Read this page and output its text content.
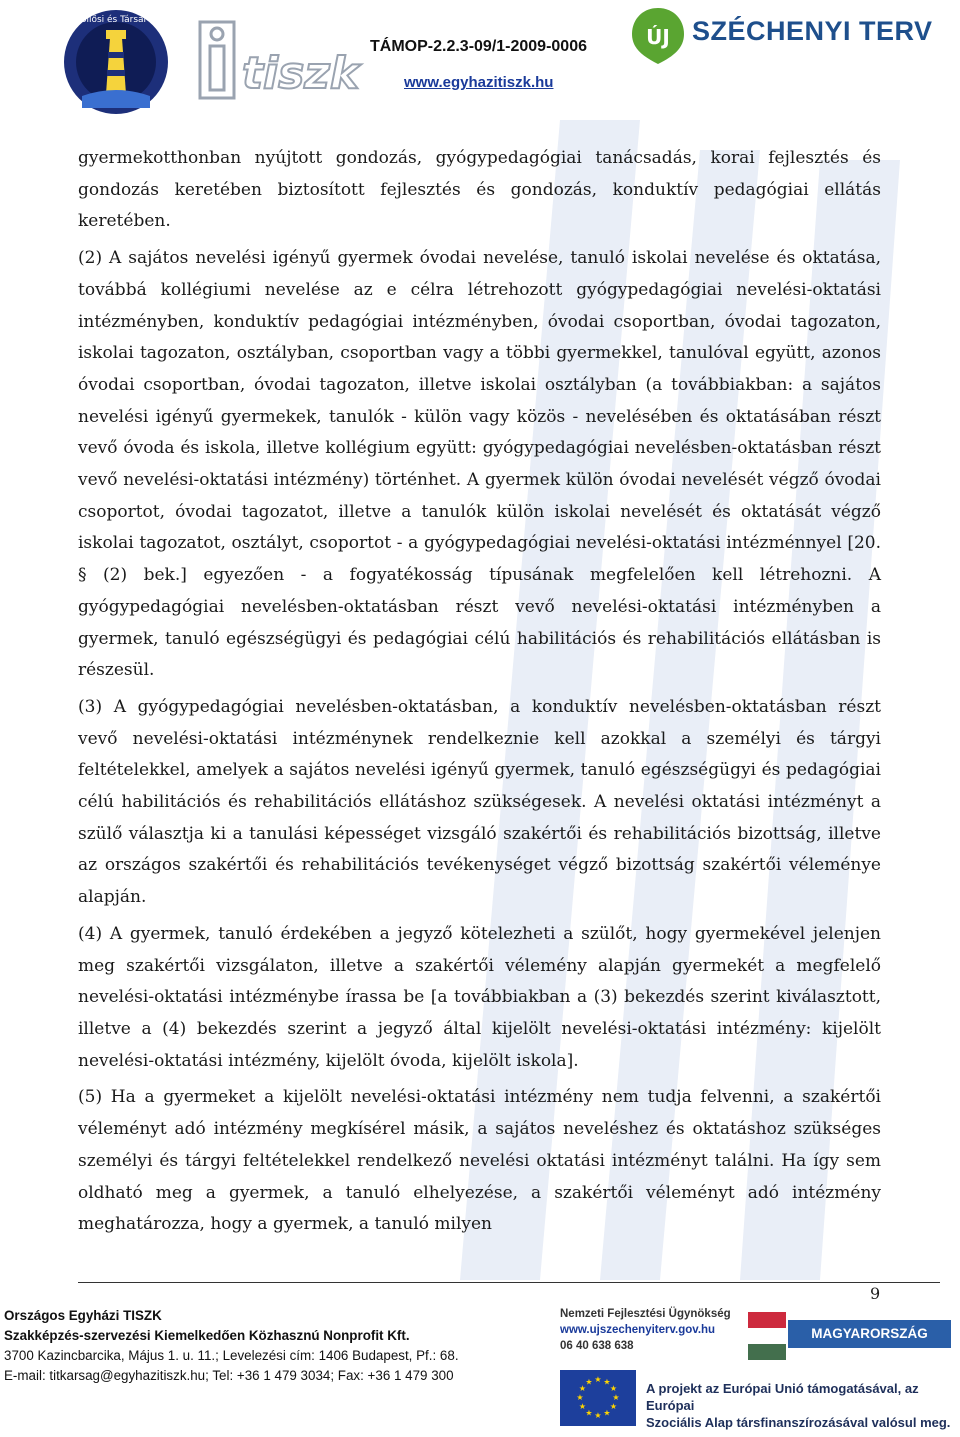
Szőllősi és Társai Bt.
tiszk
TÁMOP-2.2.3-09/1-2009-0006
www.egyhazitiszk.hu
ÚJ SZÉCHENYI TERV

gyermekotthonban nyújtott gondozás, gyógypedagógiai tanácsadás, korai fejlesztés és gondozás keretében biztosított fejlesztés és gondozás, konduktív pedagógiai ellátás keretében.

(2) A sajátos nevelési igényű gyermek óvodai nevelése, tanuló iskolai nevelése és oktatása, továbbá kollégiumi nevelése az e célra létrehozott gyógypedagógiai nevelési-oktatási intézményben, konduktív pedagógiai intézményben, óvodai csoportban, óvodai tagozaton, iskolai tagozaton, osztályban, csoportban vagy a többi gyermekkel, tanulóval együtt, azonos óvodai csoportban, óvodai tagozaton, illetve iskolai osztályban (a továbbiakban: a sajátos nevelési igényű gyermekek, tanulók - külön vagy közös - nevelésében és oktatásában részt vevő óvoda és iskola, illetve kollégium együtt: gyógypedagógiai nevelésben-oktatásban részt vevő nevelési-oktatási intézmény) történhet. A gyermek külön óvodai nevelését végző óvodai csoportot, óvodai tagozatot, illetve a tanulók külön iskolai nevelését és oktatását végző iskolai tagozatot, osztályt, csoportot - a gyógypedagógiai nevelési-oktatási intézménnyel [20. § (2) bek.] egyezően - a fogyatékosság típusának megfelelően kell létrehozni. A gyógypedagógiai nevelésben-oktatásban részt vevő nevelési-oktatási intézményben a gyermek, tanuló egészségügyi és pedagógiai célú habilitációs és rehabilitációs ellátásban is részesül.

(3) A gyógypedagógiai nevelésben-oktatásban, a konduktív nevelésben-oktatásban részt vevő nevelési-oktatási intézménynek rendelkeznie kell azokkal a személyi és tárgyi feltételekkel, amelyek a sajátos nevelési igényű gyermek, tanuló egészségügyi és pedagógiai célú habilitációs és rehabilitációs ellátáshoz szükségesek. A nevelési oktatási intézményt a szülő választja ki a tanulási képességet vizsgáló szakértői és rehabilitációs bizottság, illetve az országos szakértői és rehabilitációs tevékenységet végző bizottság szakértői véleménye alapján.

(4) A gyermek, tanuló érdekében a jegyző kötelezheti a szülőt, hogy gyermekével jelenjen meg szakértői vizsgálaton, illetve a szakértői vélemény alapján gyermekét a megfelelő nevelési-oktatási intézménybe írassa be [a továbbiakban a (3) bekezdés szerint kiválasztott, illetve a (4) bekezdés szerint a jegyző által kijelölt nevelési-oktatási intézmény: kijelölt nevelési-oktatási intézmény, kijelölt óvoda, kijelölt iskola].

(5) Ha a gyermeket a kijelölt nevelési-oktatási intézmény nem tudja felvenni, a szakértői véleményt adó intézmény megkísérel másik, a sajátos neveléshez és oktatáshoz szükséges személyi és tárgyi feltételekkel rendelkező nevelési oktatási intézményt találni. Ha így sem oldható meg a gyermek, a tanuló elhelyezése, a szakértői véleményt adó intézmény meghatározza, hogy a gyermek, a tanuló milyen

9
Országos Egyházi TISZK
Szakképzés-szervezési Kiemelkedően Közhasznú Nonprofit Kft.
3700 Kazincbarcika, Május 1. u. 11.; Levelezési cím: 1406 Budapest, Pf.: 68.
E-mail: titkarsag@egyhazitiszk.hu; Tel: +36 1 479 3034; Fax: +36 1 479 300
Nemzeti Fejlesztési Ügynökség
www.ujszechenyiterv.gov.hu
06 40 638 638
MAGYARORSZÁG MEGÚJUL
★ ★
★
★
★
★
★
★
★
★
★
★	A projekt az Európai Unió támogatásával, az Európai
Szociális Alap társfinanszírozásával valósul meg.
